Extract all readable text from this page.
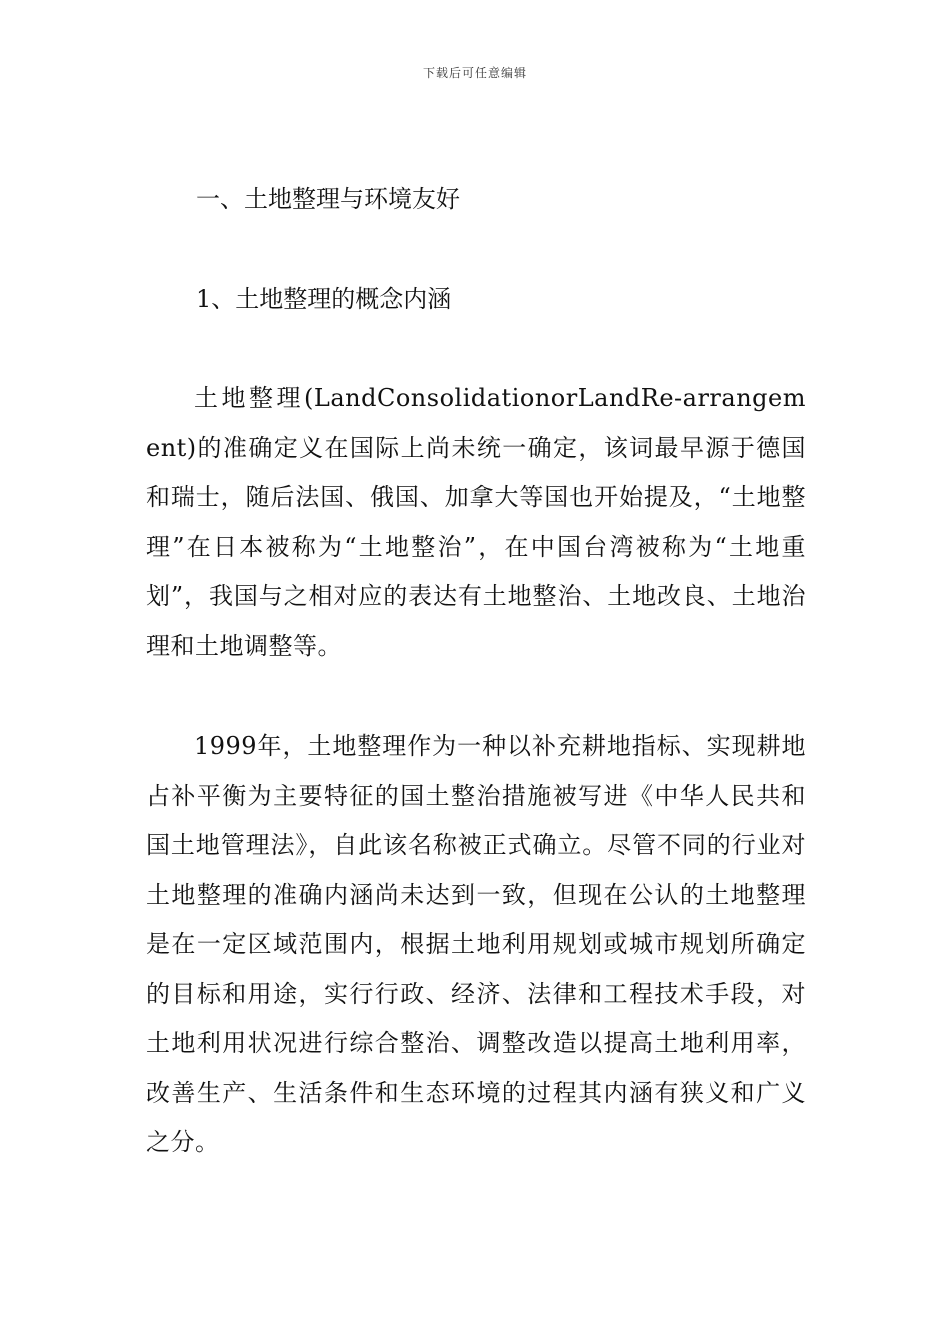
下载后可任意编辑
一、土地整理与环境友好
1、土地整理的概念内涵
土地整理(LandConsolidationorLandRe-arrangement)的准确定义在国际上尚未统一确定，该词最早源于德国和瑞士，随后法国、俄国、加拿大等国也开始提及，“土地整理”在日本被称为“土地整治”，在中国台湾被称为“土地重划”，我国与之相对应的表达有土地整治、土地改良、土地治理和土地调整等。
1999年，土地整理作为一种以补充耕地指标、实现耕地占补平衡为主要特征的国土整治措施被写进《中华人民共和国土地管理法》，自此该名称被正式确立。尽管不同的行业对土地整理的准确内涵尚未达到一致，但现在公认的土地整理是在一定区域范围内，根据土地利用规划或城市规划所确定的目标和用途，实行行政、经济、法律和工程技术手段，对土地利用状况进行综合整治、调整改造以提高土地利用率，改善生产、生活条件和生态环境的过程其内涵有狭义和广义之分。
